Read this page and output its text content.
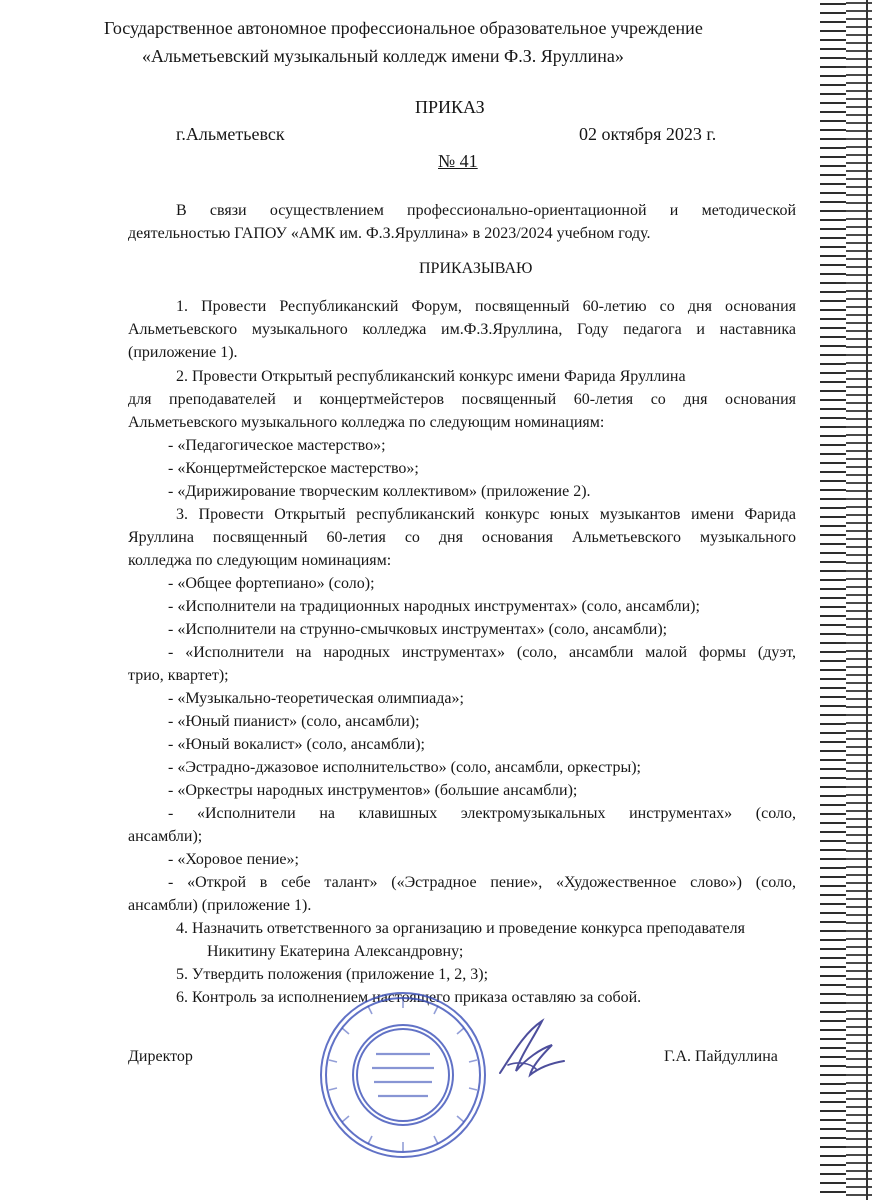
Государственное автономное профессиональное образовательное учреждение
«Альметьевский музыкальный колледж имени Ф.З. Яруллина»
ПРИКАЗ
г.Альметьевск	02 октября 2023 г.
№ 41
В связи осуществлением профессионально-ориентационной и методической
деятельностью ГАПОУ «АМК им. Ф.З.Яруллина» в 2023/2024 учебном году.
ПРИКАЗЫВАЮ
1. Провести Республиканский Форум, посвященный 60-летию со дня основания
Альметьевского музыкального колледжа им.Ф.З.Яруллина, Году педагога и наставника
(приложение 1).
2. Провести Открытый республиканский конкурс имени Фарида Яруллина
для преподавателей и концертмейстеров посвященный 60-летия со дня основания
Альметьевского музыкального колледжа по следующим номинациям:
- «Педагогическое мастерство»;
- «Концертмейстерское мастерство»;
- «Дирижирование творческим коллективом» (приложение 2).
3. Провести Открытый республиканский конкурс юных музыкантов имени Фарида
Яруллина посвященный 60-летия со дня основания Альметьевского музыкального
колледжа по следующим номинациям:
- «Общее фортепиано» (соло);
- «Исполнители на традиционных народных инструментах» (соло, ансамбли);
- «Исполнители на струнно-смычковых инструментах» (соло, ансамбли);
- «Исполнители на народных инструментах» (соло, ансамбли малой формы (дуэт,
трио, квартет);
- «Музыкально-теоретическая олимпиада»;
- «Юный пианист» (соло, ансамбли);
- «Юный вокалист» (соло, ансамбли);
- «Эстрадно-джазовое исполнительство» (соло, ансамбли, оркестры);
- «Оркестры народных инструментов» (большие ансамбли);
- «Исполнители на клавишных электромузыкальных инструментах» (соло,
ансамбли);
- «Хоровое пение»;
- «Открой в себе талант» («Эстрадное пение», «Художественное слово») (соло,
ансамбли) (приложение 1).
4. Назначить ответственного за организацию и проведение конкурса преподавателя
Никитину Екатерина Александровну;
5. Утвердить положения (приложение 1, 2, 3);
6. Контроль за исполнением настоящего приказа оставляю за собой.
Директор	Г.А. Пайдуллина
